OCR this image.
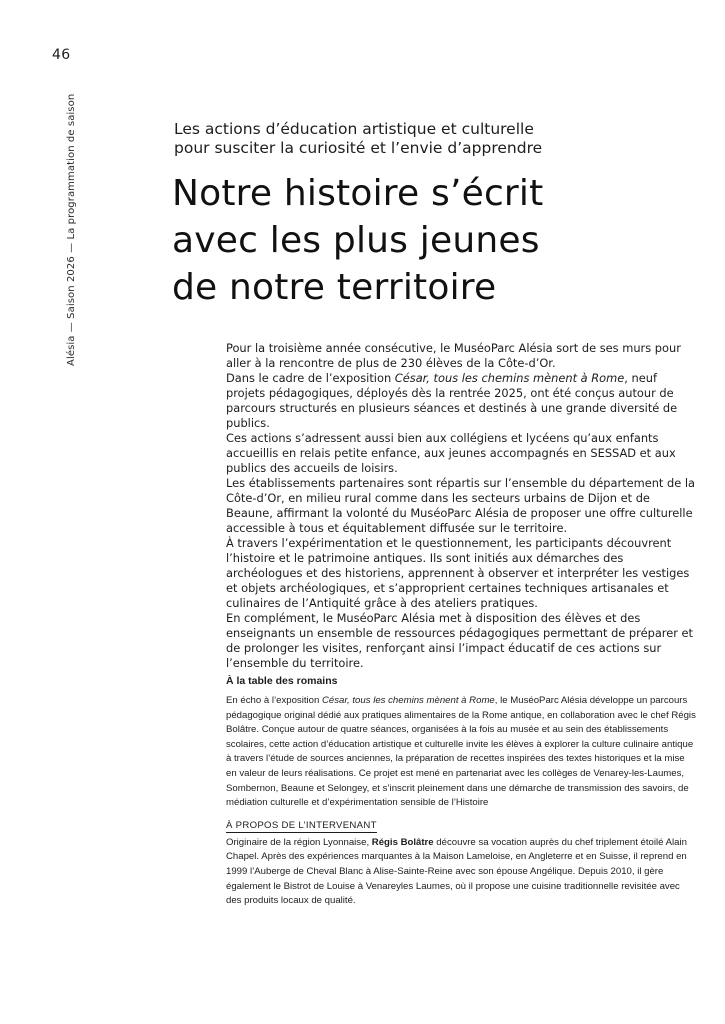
46
Alésia — Saison 2026 — La programmation de saison	Les actions d’éducation artistique et culturelle
pour susciter la curiosité et l’envie d’apprendre
Notre histoire s’écrit
avec les plus jeunes
de notre territoire

Pour la troisième année consécutive, le MuséoParc Alésia sort de ses murs pour aller à la rencontre de plus de 230 élèves de la Côte-d’Or.

Dans le cadre de l’exposition César, tous les chemins mènent à Rome, neuf projets pédagogiques, déployés dès la rentrée 2025, ont été conçus autour de parcours structurés en plusieurs séances et destinés à une grande diversité de publics.

Ces actions s’adressent aussi bien aux collégiens et lycéens qu’aux enfants accueillis en relais petite enfance, aux jeunes accompagnés en SESSAD et aux publics des accueils de loisirs.

Les établissements partenaires sont répartis sur l’ensemble du département de la Côte-d’Or, en milieu rural comme dans les secteurs urbains de Dijon et de Beaune, affirmant la volonté du MuséoParc Alésia de proposer une offre culturelle accessible à tous et équitablement diffusée sur le territoire.

À travers l’expérimentation et le questionnement, les participants découvrent l’histoire et le patrimoine antiques. Ils sont initiés aux démarches des archéologues et des historiens, apprennent à observer et interpréter les vestiges et objets archéologiques, et s’approprient certaines techniques artisanales et culinaires de l’Antiquité grâce à des ateliers pratiques.

En complément, le MuséoParc Alésia met à disposition des élèves et des enseignants un ensemble de ressources pédagogiques permettant de préparer et de prolonger les visites, renforçant ainsi l’impact éducatif de ces actions sur l’ensemble du territoire.

À la table des romains

En écho à l’exposition César, tous les chemins mènent à Rome, le MuséoParc Alésia développe un parcours pédagogique original dédié aux pratiques alimentaires de la Rome antique, en collaboration avec le chef Régis Bolâtre. Conçue autour de quatre séances, organisées à la fois au musée et au sein des établissements scolaires, cette action d’éducation artistique et culturelle invite les élèves à explorer la culture culinaire antique à travers l’étude de sources anciennes, la préparation de recettes inspirées des textes historiques et la mise en valeur de leurs réalisations. Ce projet est mené en partenariat avec les collèges de Venarey-les-Laumes, Sombernon, Beaune et Selongey, et s’inscrit pleinement dans une démarche de transmission des savoirs, de médiation culturelle et d’expérimentation sensible de l’Histoire

À PROPOS DE L’INTERVENANT

Originaire de la région Lyonnaise, Régis Bolâtre découvre sa vocation auprès du chef triplement étoilé Alain Chapel. Après des expériences marquantes à la Maison Lameloise, en Angleterre et en Suisse, il reprend en 1999 l’Auberge de Cheval Blanc à Alise-Sainte-Reine avec son épouse Angélique. Depuis 2010, il gère également le Bistrot de Louise à Venareyles Laumes, où il propose une cuisine traditionnelle revisitée avec des produits locaux de qualité.
